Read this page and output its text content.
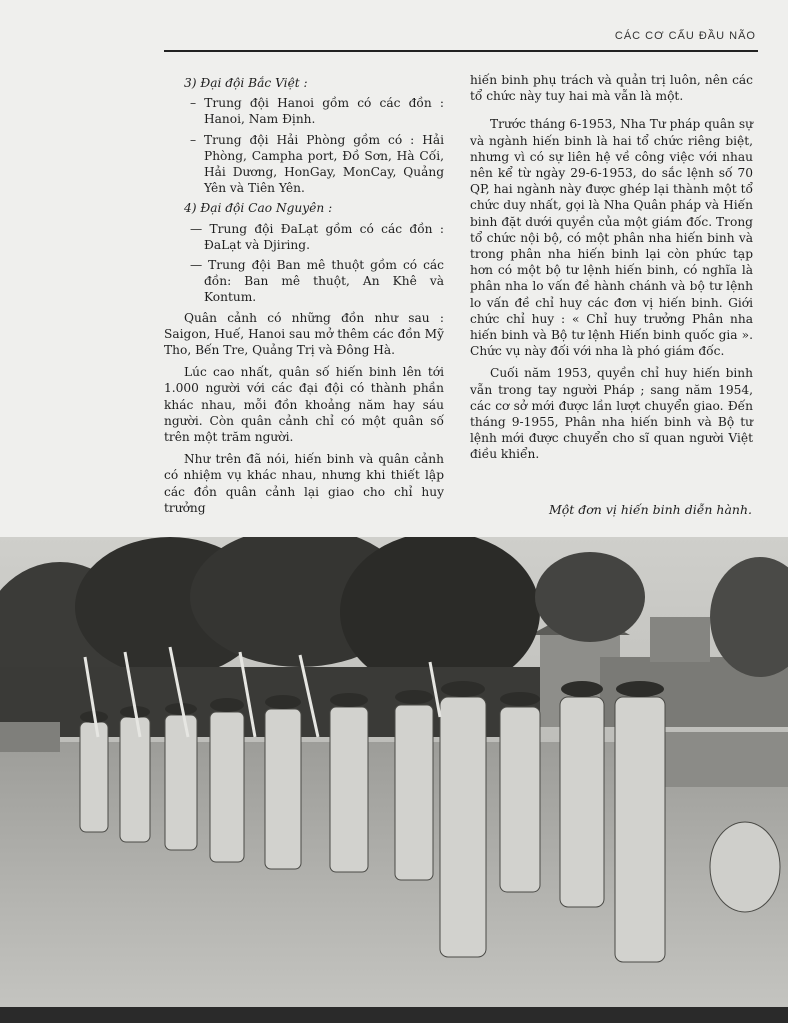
CÁC CƠ CẤU ĐẦU NÃO
3) Đại đội Bắc Việt :
– Trung đội Hanoi gồm có các đồn : Hanoi, Nam Định.
– Trung đội Hải Phòng gồm có : Hải Phòng, Campha port, Đồ Sơn, Hà Cối, Hải Dương, HonGay, MonCay, Quảng Yên và Tiên Yên.
4) Đại đội Cao Nguyên :
— Trung đội ĐaLạt gồm có các đồn : ĐaLạt và Djiring.
— Trung đội Ban mê thuột gồm có các đồn: Ban mê thuột, An Khê và Kontum.

Quân cảnh có những đồn như sau : Saigon, Huế, Hanoi sau mở thêm các đồn Mỹ Tho, Bến Tre, Quảng Trị và Đông Hà.

Lúc cao nhất, quân số hiến binh lên tới 1.000 người với các đại đội có thành phần khác nhau, mỗi đồn khoảng năm hay sáu người. Còn quân cảnh chỉ có một quân số trên một trăm người.

Như trên đã nói, hiến binh và quân cảnh có nhiệm vụ khác nhau, nhưng khi thiết lập các đồn quân cảnh lại giao cho chỉ huy trưởng

hiến binh phụ trách và quản trị luôn, nên các tổ chức này tuy hai mà vẫn là một.

Trước tháng 6-1953, Nha Tư pháp quân sự và ngành hiến binh là hai tổ chức riêng biệt, nhưng vì có sự liên hệ về công việc với nhau nên kể từ ngày 29-6-1953, do sắc lệnh số 70 QP, hai ngành này được ghép lại thành một tổ chức duy nhất, gọi là Nha Quân pháp và Hiến binh đặt dưới quyền của một giám đốc. Trong tổ chức nội bộ, có một phân nha hiến binh và trong phân nha hiến binh lại còn phức tạp hơn có một bộ tư lệnh hiến binh, có nghĩa là phân nha lo vấn đề hành chánh và bộ tư lệnh lo vấn đề chỉ huy các đơn vị hiến binh. Giới chức chỉ huy : « Chỉ huy trưởng Phân nha hiến binh và Bộ tư lệnh Hiến binh quốc gia ». Chức vụ này đối với nha là phó giám đốc.

Cuối năm 1953, quyền chỉ huy hiến binh vẫn trong tay người Pháp ; sang năm 1954, các cơ sở mới được lần lượt chuyển giao. Đến tháng 9-1955, Phân nha hiến binh và Bộ tư lệnh mới được chuyển cho sĩ quan người Việt điều khiển.

Một đơn vị hiến binh diễn hành.
